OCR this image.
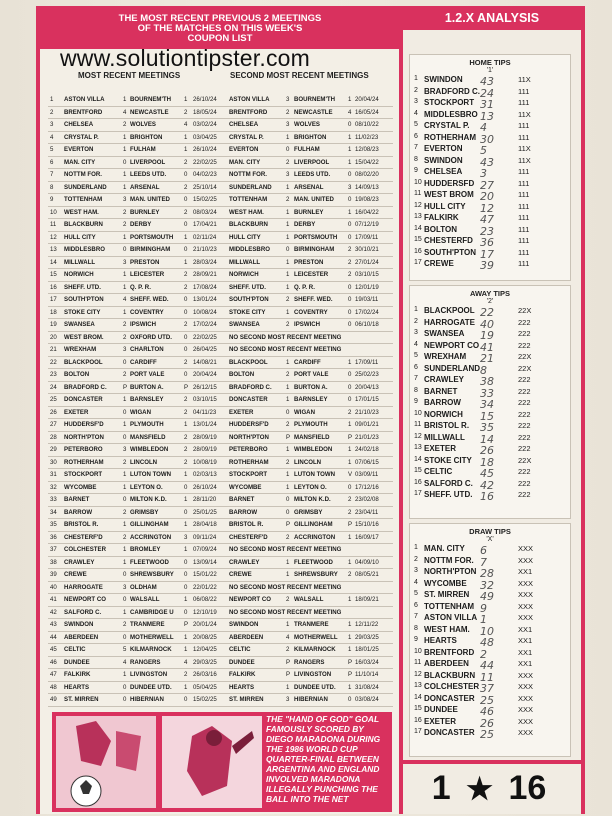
THE MOST RECENT PREVIOUS 2 MEETINGS
OF THE MATCHES ON THIS WEEK'S
COUPON LIST
MOST RECENT MEETINGS	SECOND MOST RECENT MEETINGS
1 ASTON VILLA	1 BOURNEM'TH 1 26/10/24 ASTON VILLA	3 BOURNEM'TH 1 20/04/24
2 BRENTFORD	4 NEWCASTLE	2 18/05/24 BRENTFORD	2 NEWCASTLE	4 16/05/24
3 CHELSEA	2 WOLVES	4 03/02/24 CHELSEA	3 WOLVES	0 08/10/22
4 CRYSTAL P.	1 BRIGHTON	1 03/04/25 CRYSTAL P.	1 BRIGHTON	1 11/02/23
5 EVERTON	1 FULHAM	1 26/10/24 EVERTON	0 FULHAM	1 12/08/23
6 MAN. CITY	0 LIVERPOOL	2 22/02/25 MAN. CITY	2 LIVERPOOL	1 15/04/22
7 NOTTM FOR.	1 LEEDS UTD.	0 04/02/23 NOTTM FOR.	3 LEEDS UTD.	0 08/02/20
8 SUNDERLAND	1 ARSENAL	2 25/10/14 SUNDERLAND 1 ARSENAL	3 14/09/13
9 TOTTENHAM	3 MAN. UNITED 0 15/02/25 TOTTENHAM	2 MAN. UNITED 0 19/08/23
10 WEST HAM.	2 BURNLEY	2 08/03/24 WEST HAM.	1 BURNLEY	1 16/04/22
11 BLACKBURN	2 DERBY	0 17/04/21 BLACKBURN	1 DERBY	0 07/12/19
12 HULL CITY	1 PORTSMOUTH 1 02/11/24 HULL CITY	1 PORTSMOUTH 0 17/09/11
13 MIDDLESBRO	0 BIRMINGHAM 0 21/10/23 MIDDLESBRO	0 BIRMINGHAM 2 30/10/21
14 MILLWALL	3 PRESTON	1 28/03/24 MILLWALL	1 PRESTON	2 27/01/24
15 NORWICH	1 LEICESTER	2 28/09/21 NORWICH	1 LEICESTER	2 03/10/15
16 SHEFF. UTD.	1 Q. P. R.	2 17/08/24 SHEFF. UTD.	1 Q. P. R.	0 12/01/19
17 SOUTH'PTON	4 SHEFF. WED.	0 13/01/24 SOUTH'PTON	2 SHEFF. WED.	0 19/03/11
18 STOKE CITY	1 COVENTRY	0 10/08/24 STOKE CITY	1 COVENTRY	0 17/02/24
19 SWANSEA	2 IPSWICH	2 17/02/24 SWANSEA	2 IPSWICH	0 06/10/18
20 WEST BROM.	2 OXFORD UTD. 0 22/02/25 NO SECOND MOST RECENT MEETING
21 WREXHAM	3 CHARLTON	0 26/04/25 NO SECOND MOST RECENT MEETING
22 BLACKPOOL	0 CARDIFF	2 14/08/21 BLACKPOOL	1 CARDIFF	1 17/09/11
23 BOLTON	2 PORT VALE	0 20/04/24 BOLTON	2 PORT VALE	0 25/02/23
24 BRADFORD C.	P BURTON A.	P 26/12/15 BRADFORD C. 1 BURTON A.	0 20/04/13
25 DONCASTER	1 BARNSLEY	2 03/10/15 DONCASTER	1 BARNSLEY	0 17/01/15
26 EXETER	0 WIGAN	2 04/11/23 EXETER	0 WIGAN	2 21/10/23
27 HUDDERSF'D	1 PLYMOUTH	1 13/01/24 HUDDERSF'D	2 PLYMOUTH	1 09/01/21
28 NORTH'PTON	0 MANSFIELD	2 28/09/19 NORTH'PTON	P MANSFIELD	P 21/01/23
29 PETERBORO	3 WIMBLEDON	2 28/09/19 PETERBORO	1 WIMBLEDON	1 24/02/18
30 ROTHERHAM	2 LINCOLN	2 10/08/19 ROTHERHAM	2 LINCOLN	1 07/06/15
31 STOCKPORT	1 LUTON TOWN 1 02/03/13 STOCKPORT	1 LUTON TOWN V 03/09/11
32 WYCOMBE	1 LEYTON O.	0 26/10/24 WYCOMBE	1 LEYTON O.	0 17/12/16
33 BARNET	0 MILTON K.D.	1 28/11/20 BARNET	0 MILTON K.D.	2 23/02/08
34 BARROW	2 GRIMSBY	0 25/01/25 BARROW	0 GRIMSBY	2 23/04/11
35 BRISTOL R.	1 GILLINGHAM	1 28/04/18 BRISTOL R.	P GILLINGHAM	P 15/10/16
36 CHESTERF'D	2 ACCRINGTON 3 09/11/24 CHESTERF'D	2 ACCRINGTON 1 16/09/17
37 COLCHESTER	1 BROMLEY	1 07/09/24 NO SECOND MOST RECENT MEETING
38 CRAWLEY	1 FLEETWOOD 0 13/09/14 CRAWLEY	1 FLEETWOOD 1 04/09/10
39 CREWE	0 SHREWSBURY 0 15/01/22 CREWE	1 SHREWSBURY 2 08/05/21
40 HARROGATE	3 OLDHAM	0 22/01/22 NO SECOND MOST RECENT MEETING
41 NEWPORT CO	0 WALSALL	1 06/08/22 NEWPORT CO 2 WALSALL	1 18/09/21
42 SALFORD C.	1 CAMBRIDGE U 0 12/10/19 NO SECOND MOST RECENT MEETING
43 SWINDON	2 TRANMERE	P 20/01/24 SWINDON	1 TRANMERE	1 12/11/22
44 ABERDEEN	0 MOTHERWELL 1 20/08/25 ABERDEEN	4 MOTHERWELL 1 29/03/25
45 CELTIC	5 KILMARNOCK 1 12/04/25 CELTIC	2 KILMARNOCK 1 18/01/25
46 DUNDEE	4 RANGERS	4 29/03/25 DUNDEE	P RANGERS	P 16/03/24
47 FALKIRK	1 LIVINGSTON	2 26/03/16 FALKIRK	P LIVINGSTON	P 11/10/14
48 HEARTS	0 DUNDEE UTD. 1 05/04/25 HEARTS	1 DUNDEE UTD. 1 31/08/24
49 ST. MIRREN	0 HIBERNIAN	0 15/02/25 ST. MIRREN	3 HIBERNIAN	0 03/08/24
THE "HAND OF GOD" GOAL FAMOUSLY SCORED BY DIEGO MARADONA DURING THE 1986 WORLD CUP QUARTER-FINAL BETWEEN ARGENTINA AND ENGLAND INVOLVED MARADONA ILLEGALLY PUNCHING THE BALL INTO THE NET
1.2.X ANALYSIS
HOME TIPS
'1'
1 SWINDON 43	11X
2 BRADFORD C. 24	111
3 STOCKPORT 31	111
4 MIDDLESBRO 13	11X
5 CRYSTAL P. 4	111
6 ROTHERHAM 30	111
7 EVERTON 5	11X
8 SWINDON 43	11X
9 CHELSEA 3	111
10 HUDDERSFD 27	111
11 WEST BROM 20	111
12 HULL CITY 12	111
13 FALKIRK 47	111
14 BOLTON 23	111
15 CHESTERFD 36	111
16 SOUTH'PTON 17	111
17 CREWE 39	111
AWAY TIPS
'2'
1 BLACKPOOL 22	22X
2 HARROGATE 40	222
3 SWANSEA 19	222
4 NEWPORT CO 41	222
5 WREXHAM 21	22X
6 SUNDERLAND 8	22X
7 CRAWLEY 38	222
8 BARNET 33	222
9 BARROW 34	222
10 NORWICH 15	222
11 BRISTOL R. 35	222
12 MILLWALL 14	222
13 EXETER 26	222
14 STOKE CITY 18	22X
15 CELTIC	45	222
16 SALFORD C. 42	222
17 SHEFF. UTD. 16	222
DRAW TIPS
'X'
1 MAN. CITY 6	XXX
2 NOTTM FOR. 7	XXX
3 NORTH'PTON 28	XX1
4 WYCOMBE 32	XXX
5 ST. MIRREN 49	XXX
6 TOTTENHAM 9	XXX
7 ASTON VILLA 1	XXX
8 WEST HAM. 10	XX1
9 HEARTS 48	XX1
10 BRENTFORD 2	XX1
11 ABERDEEN 44	XX1
12 BLACKBURN 11	XXX
13 COLCHESTER 37	XXX
14 DONCASTER 25	XXX
15 DUNDEE 46	XXX
16 EXETER 26	XXX
17 DONCASTER 25	XXX
1 ★ 16
www.solutiontipster.com
